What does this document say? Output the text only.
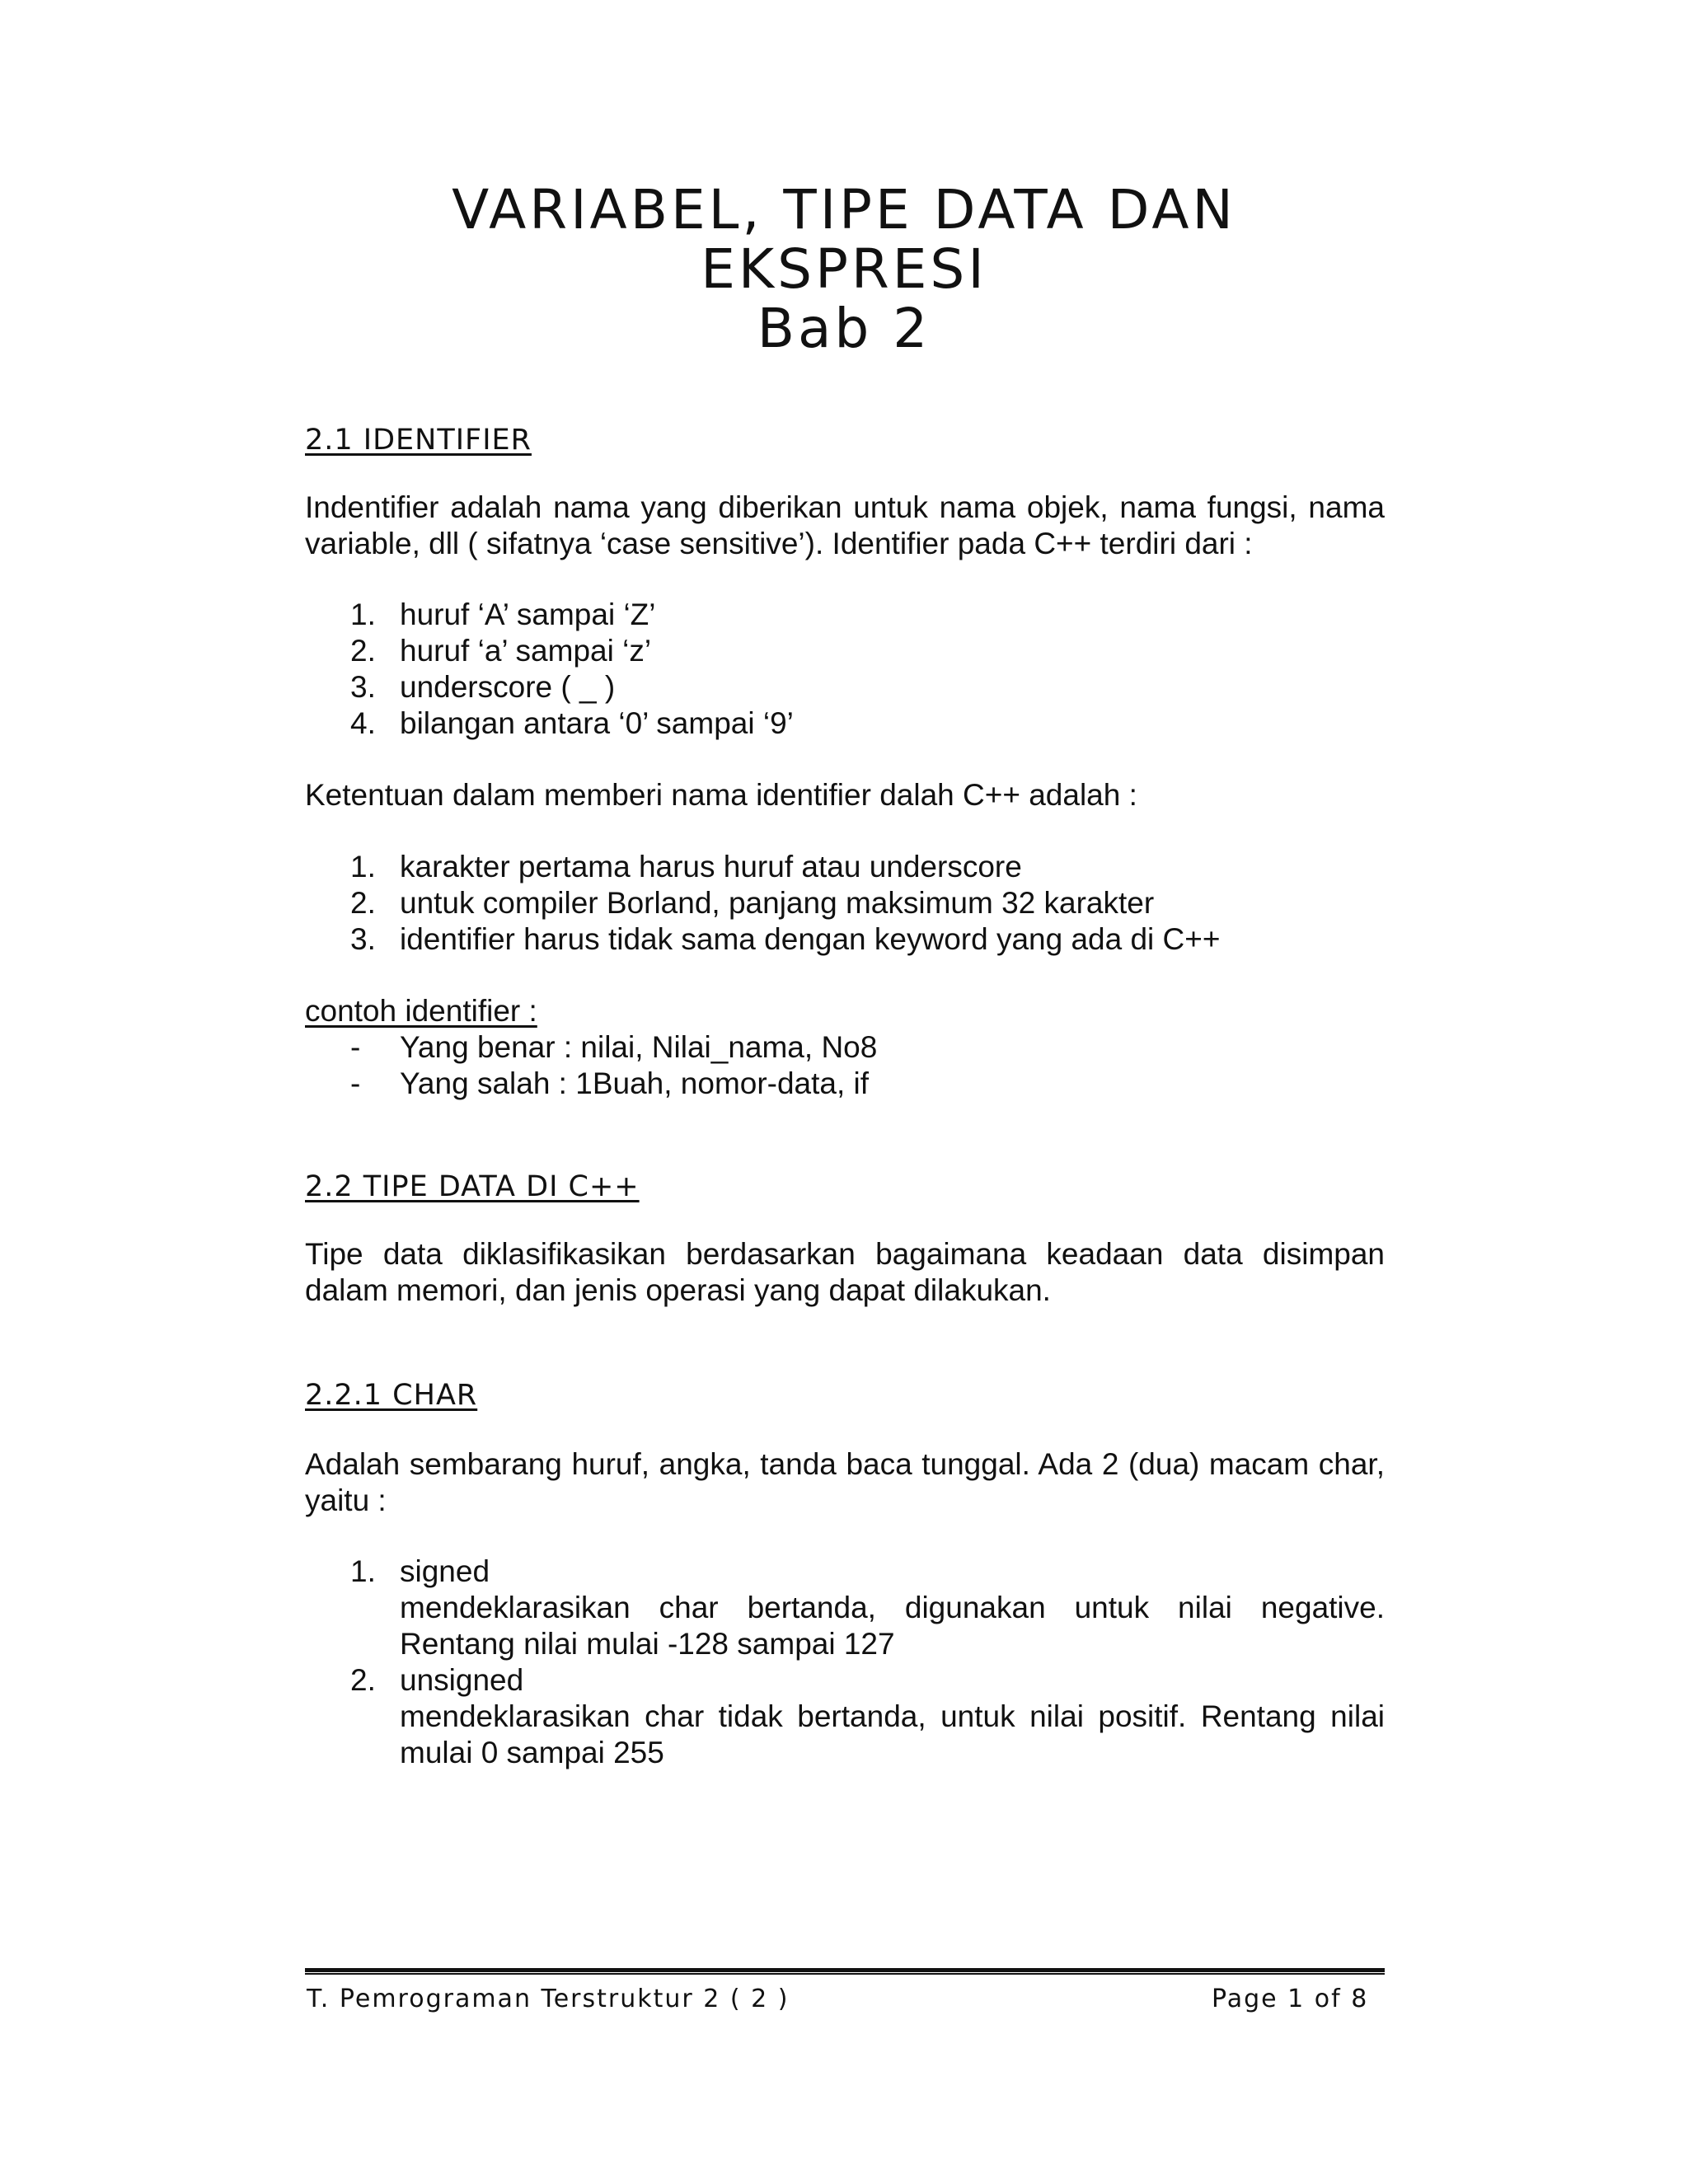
VARIABEL, TIPE DATA DAN
EKSPRESI
Bab 2
2.1 IDENTIFIER
Indentifier adalah nama yang diberikan untuk nama objek, nama fungsi, nama variable, dll ( sifatnya ‘case sensitive’). Identifier pada C++ terdiri dari :
1. huruf ‘A’ sampai ‘Z’
2. huruf ‘a’ sampai ‘z’
3. underscore ( _ )
4. bilangan antara ‘0’ sampai ‘9’
Ketentuan dalam memberi nama identifier dalah C++ adalah :
1. karakter pertama harus huruf atau underscore
2. untuk compiler Borland, panjang maksimum 32 karakter
3. identifier harus tidak sama dengan keyword yang ada di C++
contoh identifier :
- Yang benar : nilai, Nilai_nama, No8
- Yang salah : 1Buah, nomor-data, if
2.2 TIPE DATA DI C++
Tipe data diklasifikasikan berdasarkan bagaimana keadaan data disimpan dalam memori, dan jenis operasi yang dapat dilakukan.
2.2.1 CHAR
Adalah sembarang huruf, angka, tanda baca tunggal. Ada 2 (dua) macam char, yaitu :
1. signed
mendeklarasikan char bertanda, digunakan untuk nilai negative. Rentang nilai mulai -128 sampai 127
2. unsigned
mendeklarasikan char tidak bertanda, untuk nilai positif. Rentang nilai mulai 0 sampai 255
T. Pemrograman Terstruktur 2 ( 2 )	Page 1 of 8
